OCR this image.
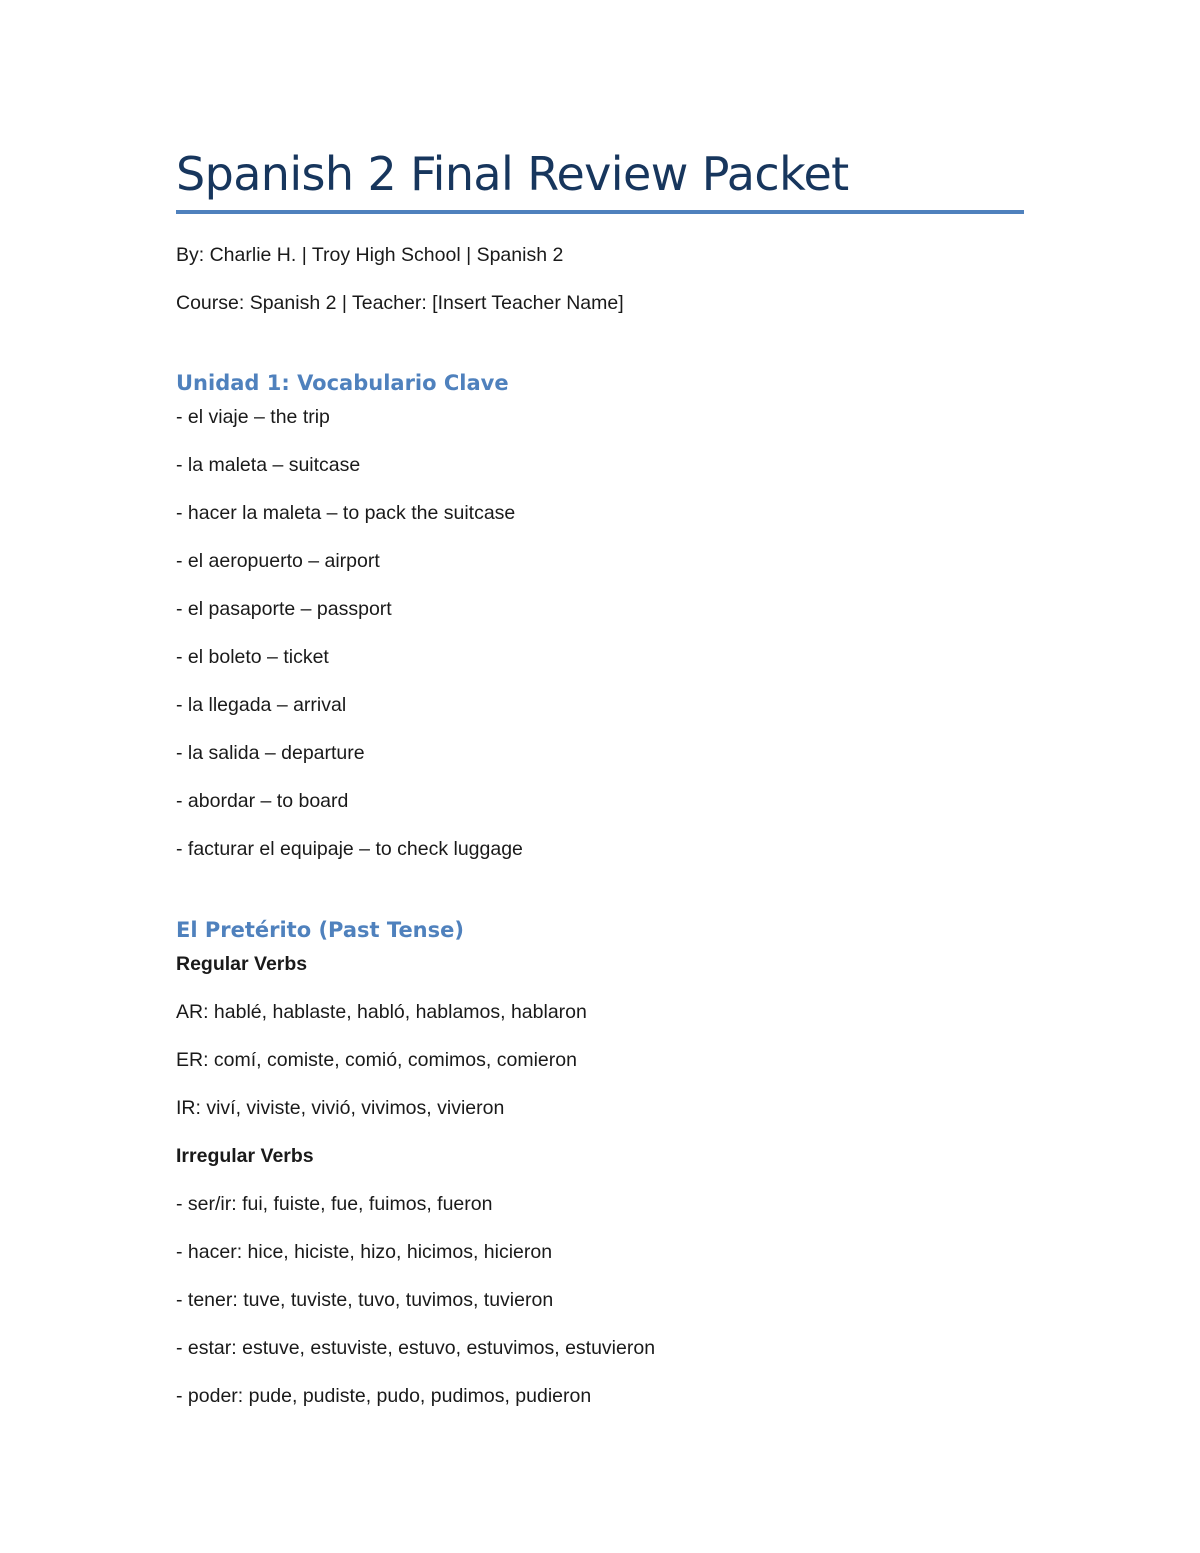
Spanish 2 Final Review Packet

By: Charlie H. | Troy High School | Spanish 2

Course: Spanish 2 | Teacher: [Insert Teacher Name]

Unidad 1: Vocabulario Clave

- el viaje – the trip

- la maleta – suitcase

- hacer la maleta – to pack the suitcase

- el aeropuerto – airport

- el pasaporte – passport

- el boleto – ticket

- la llegada – arrival

- la salida – departure

- abordar – to board

- facturar el equipaje – to check luggage

El Pretérito (Past Tense)

Regular Verbs

AR: hablé, hablaste, habló, hablamos, hablaron

ER: comí, comiste, comió, comimos, comieron

IR: viví, viviste, vivió, vivimos, vivieron

Irregular Verbs

- ser/ir: fui, fuiste, fue, fuimos, fueron

- hacer: hice, hiciste, hizo, hicimos, hicieron

- tener: tuve, tuviste, tuvo, tuvimos, tuvieron

- estar: estuve, estuviste, estuvo, estuvimos, estuvieron

- poder: pude, pudiste, pudo, pudimos, pudieron
